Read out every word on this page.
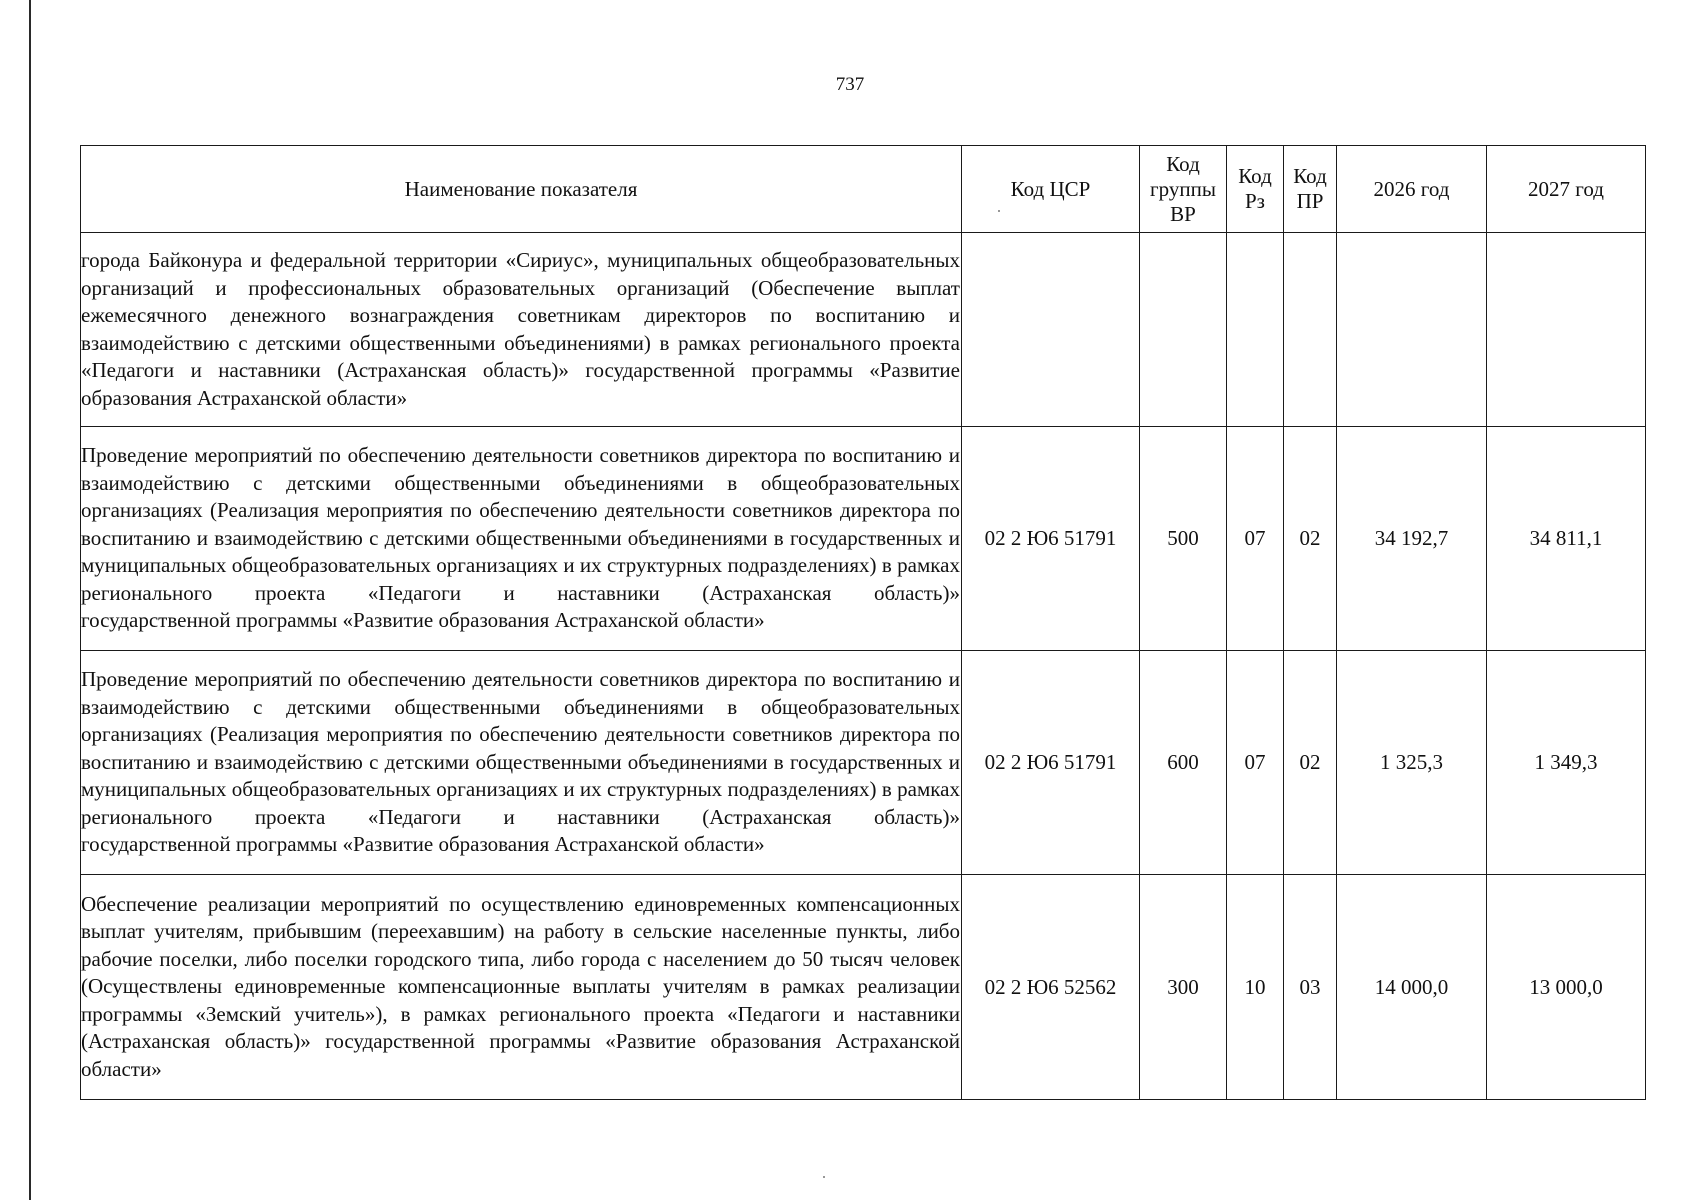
737
Наименование показателя	Код ЦСР	Код группы ВР	Код Рз	Код ПР	2026 год	2027 год

города Байконура и федеральной территории «Сириус», муниципальных общеобразовательных организаций и профессиональных образовательных организаций (Обеспечение выплат ежемесячного денежного вознаграждения советникам директоров по воспитанию и взаимодействию с детскими общественными объединениями) в рамках регионального проекта «Педагоги и наставники (Астраханская область)» государственной программы «Развитие
образования Астраханской области»						

Проведение мероприятий по обеспечению деятельности советников директора по воспитанию и взаимодействию с детскими общественными объединениями в общеобразовательных организациях (Реализация мероприятия по обеспечению деятельности советников директора по воспитанию и взаимодействию с детскими общественными объединениями в государственных и муниципальных общеобразовательных организациях и их структурных подразделениях) в рамках регионального проекта «Педагоги и наставники (Астраханская область)»
государственной программы «Развитие образования Астраханской области»	02 2 Ю6 51791	500	07	02	34 192,7	34 811,1

Проведение мероприятий по обеспечению деятельности советников директора по воспитанию и взаимодействию с детскими общественными объединениями в общеобразовательных организациях (Реализация мероприятия по обеспечению деятельности советников директора по воспитанию и взаимодействию с детскими общественными объединениями в государственных и муниципальных общеобразовательных организациях и их структурных подразделениях) в рамках регионального проекта «Педагоги и наставники (Астраханская область)»
государственной программы «Развитие образования Астраханской области»	02 2 Ю6 51791	600	07	02	1 325,3	1 349,3

Обеспечение реализации мероприятий по осуществлению единовременных компенсационных выплат учителям, прибывшим (переехавшим) на работу в сельские населенные пункты, либо рабочие поселки, либо поселки городского типа, либо города с населением до 50 тысяч человек (Осуществлены единовременные компенсационные выплаты учителям в рамках реализации программы «Земский учитель»), в рамках регионального проекта «Педагоги и наставники (Астраханская область)» государственной программы «Развитие образования Астраханской
области»	02 2 Ю6 52562	300	10	03	14 000,0	13 000,0
